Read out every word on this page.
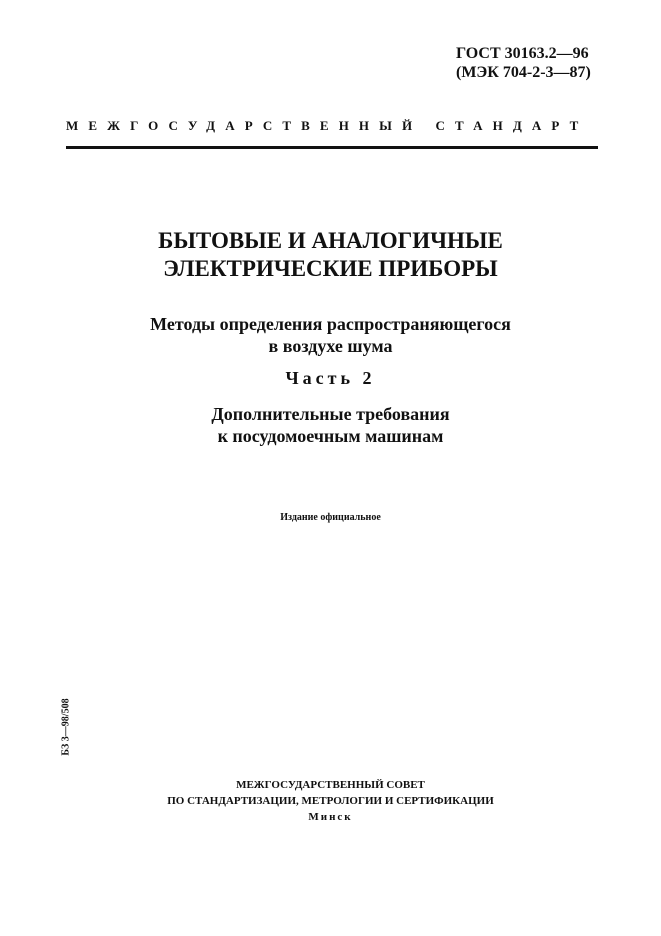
ГОСТ 30163.2—96
(МЭК 704-2-3—87)
МЕЖГОСУДАРСТВЕННЫЙ СТАНДАРТ
БЫТОВЫЕ И АНАЛОГИЧНЫЕ
ЭЛЕКТРИЧЕСКИЕ ПРИБОРЫ
Методы определения распространяющегося
в воздухе шума
Часть 2
Дополнительные требования
к посудомоечным машинам
Издание официальное
БЗ 3—98/508
МЕЖГОСУДАРСТВЕННЫЙ СОВЕТ
ПО СТАНДАРТИЗАЦИИ, МЕТРОЛОГИИ И СЕРТИФИКАЦИИ
Минск
